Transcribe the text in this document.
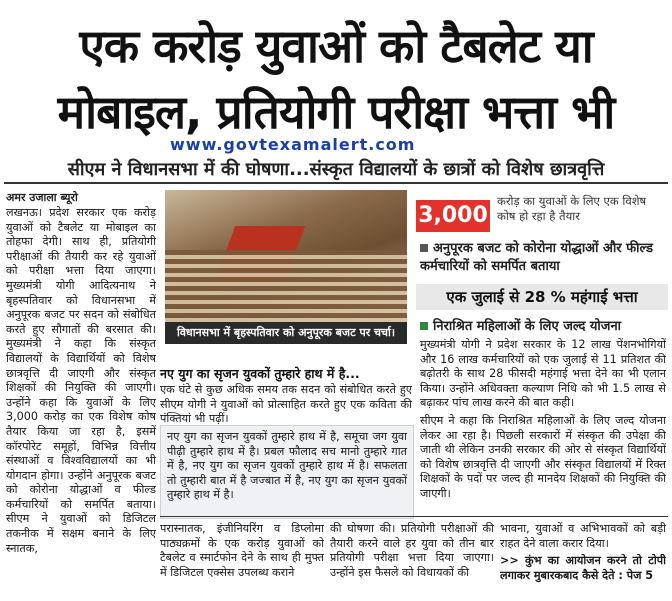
एक करोड़ युवाओं को टैबलेट या
मोबाइल, प्रतियोगी परीक्षा भत्ता भी
www.govtexamalert.com
सीएम ने विधानसभा में की घोषणा...संस्कृत विद्यालयों के छात्रों को विशेष छात्रवृत्ति
अमर उजाला ब्यूरो
लखनऊ। प्रदेश सरकार एक करोड़ युवाओं को टैबलेट या मोबाइल का तोहफा देगी। साथ ही, प्रतियोगी परीक्षाओं की तैयारी कर रहे युवाओं को परीक्षा भत्ता दिया जाएगा। मुख्यमंत्री योगी आदित्यनाथ ने बृहस्पतिवार को विधानसभा में अनुपूरक बजट पर सदन को संबोधित करते हुए सौगातों की बरसात की। मुख्यमंत्री ने कहा कि संस्कृत विद्यालयों के विद्यार्थियों को विशेष छात्रवृत्ति दी जाएगी और संस्कृत शिक्षकों की नियुक्ति की जाएगी। उन्होंने कहा कि युवाओं के लिए 3,000 करोड़ का एक विशेष कोष तैयार किया जा रहा है, इसमें कॉरपोरेट समूहों, विभिन्न वित्तीय संस्थाओं व विश्वविद्यालयों का भी योगदान होगा। उन्होंने अनुपूरक बजट को कोरोना योद्धाओं व फील्ड कर्मचारियों को समर्पित बताया। सीएम ने युवाओं को डिजिटल तकनीक में सक्षम बनाने के लिए स्नातक,
विधानसभा में बृहस्पतिवार को अनुपूरक बजट पर चर्चा।
नए युग का सृजन युवकों तुम्हारे हाथ में है...
एक घंटे से कुछ अधिक समय तक सदन को संबोधित करते हुए सीएम योगी ने युवाओं को प्रोत्साहित करते हुए एक कविता की पंक्तियां भी पढ़ीं।
नए युग का सृजन युवकों तुम्हारे हाथ में है, समूचा जग युवा पीढ़ी तुम्हारे हाथ में है। प्रबल फौलाद सच मानो तुम्हारे गात में है, नए युग का सृजन युवकों तुम्हारे हाथ में है। सफलता तो तुम्हारी बात में है जज्बात में है, नए युग का सृजन युवकों तुम्हारे हाथ में है।
3,000
करोड़ का युवाओं के लिए एक विशेष कोष हो रहा है तैयार
अनुपूरक बजट को कोरोना योद्धाओं और फील्ड कर्मचारियों को समर्पित बताया
एक जुलाई से 28 % महंगाई भत्ता
निराश्रित महिलाओं के लिए जल्द योजना
मुख्यमंत्री योगी ने प्रदेश सरकार के 12 लाख पेंशनभोगियों और 16 लाख कर्मचारियों को एक जुलाई से 11 प्रतिशत की बढ़ोतरी के साथ 28 फीसदी महंगाई भत्ता देने का भी एलान किया। उन्होंने अधिवक्ता कल्याण निधि को भी 1.5 लाख से बढ़ाकर पांच लाख करने की बात कही।
सीएम ने कहा कि निराश्रित महिलाओं के लिए जल्द योजना लेकर आ रहा है। पिछली सरकारों में संस्कृत की उपेक्षा की जाती थी लेकिन उनकी सरकार की ओर से संस्कृत विद्यार्थियों को विशेष छात्रवृत्ति दी जाएगी और संस्कृत विद्यालयों में रिक्त शिक्षकों के पदों पर जल्द ही मानदेय शिक्षकों की नियुक्ति की जाएगी।
परास्नातक, इंजीनियरिंग व डिप्लोमा पाठ्यक्रमों के एक करोड़ युवाओं को टैबलेट व स्मार्टफोन देने के साथ ही मुफ्त में डिजिटल एक्सेस उपलब्ध कराने
की घोषणा की। प्रतियोगी परीक्षाओं की तैयारी करने वाले हर युवा को तीन बार प्रतियोगी परीक्षा भत्ता दिया जाएगा। उन्होंने इस फैसले को विधायकों की
भावना, युवाओं व अभिभावकों को बड़ी राहत देने वाला करार दिया।
>> कुंभ का आयोजन करने तो टोपी लगाकर मुबारकबाद कैसे देते : पेज 5
